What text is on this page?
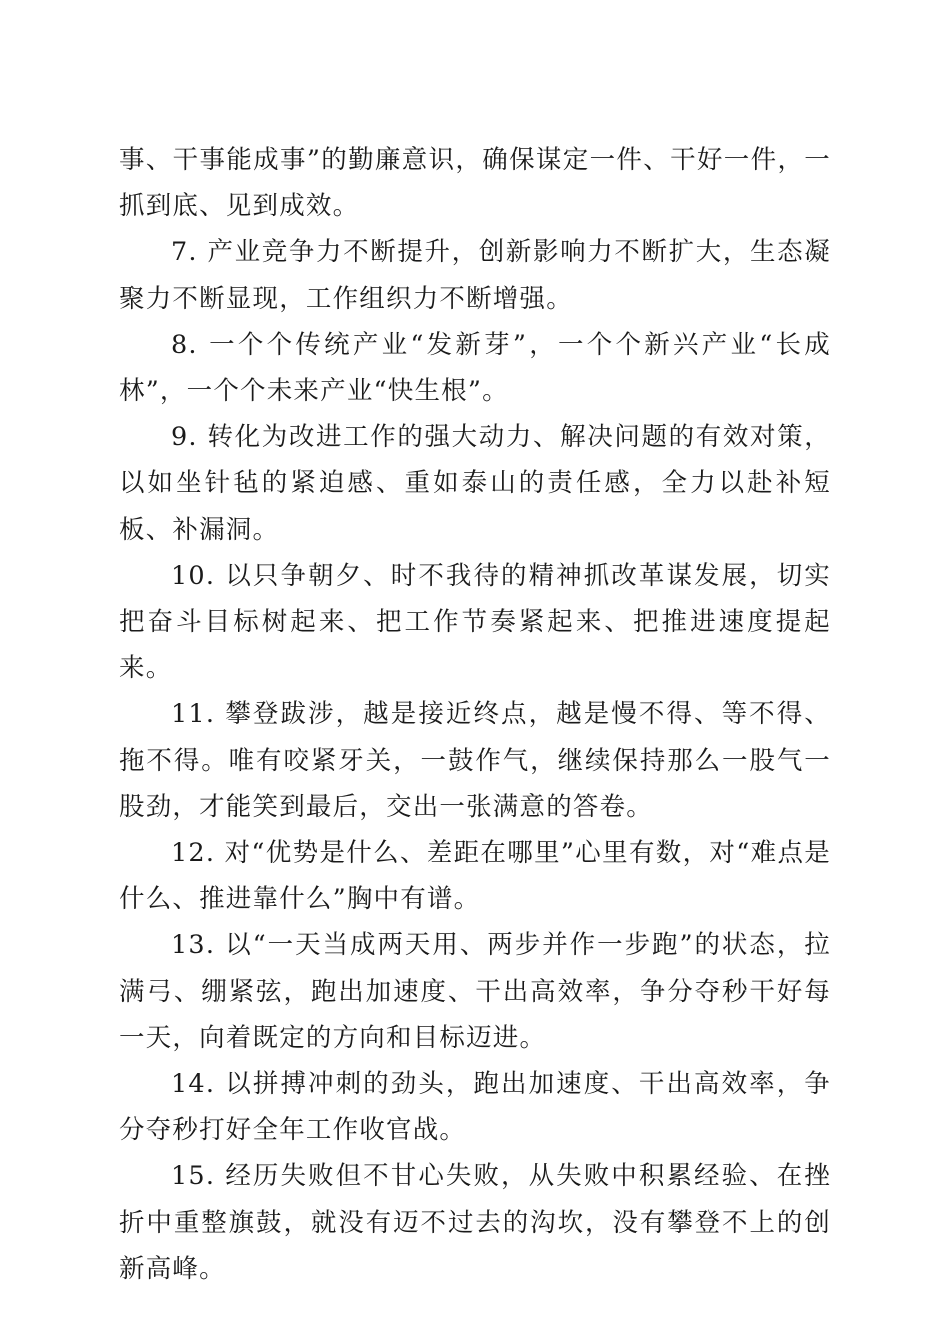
事、干事能成事”的勤廉意识，确保谋定一件、干好一件，一抓到底、见到成效。

7. 产业竞争力不断提升，创新影响力不断扩大，生态凝聚力不断显现，工作组织力不断增强。

8. 一个个传统产业“发新芽”，一个个新兴产业“长成林”，一个个未来产业“快生根”。

9. 转化为改进工作的强大动力、解决问题的有效对策，以如坐针毡的紧迫感、重如泰山的责任感，全力以赴补短板、补漏洞。

10. 以只争朝夕、时不我待的精神抓改革谋发展，切实把奋斗目标树起来、把工作节奏紧起来、把推进速度提起来。

11. 攀登跋涉，越是接近终点，越是慢不得、等不得、拖不得。唯有咬紧牙关，一鼓作气，继续保持那么一股气一股劲，才能笑到最后，交出一张满意的答卷。

12. 对“优势是什么、差距在哪里”心里有数，对“难点是什么、推进靠什么”胸中有谱。

13. 以“一天当成两天用、两步并作一步跑”的状态，拉满弓、绷紧弦，跑出加速度、干出高效率，争分夺秒干好每一天，向着既定的方向和目标迈进。

14. 以拼搏冲刺的劲头，跑出加速度、干出高效率，争分夺秒打好全年工作收官战。

15. 经历失败但不甘心失败，从失败中积累经验、在挫折中重整旗鼓，就没有迈不过去的沟坎，没有攀登不上的创新高峰。
